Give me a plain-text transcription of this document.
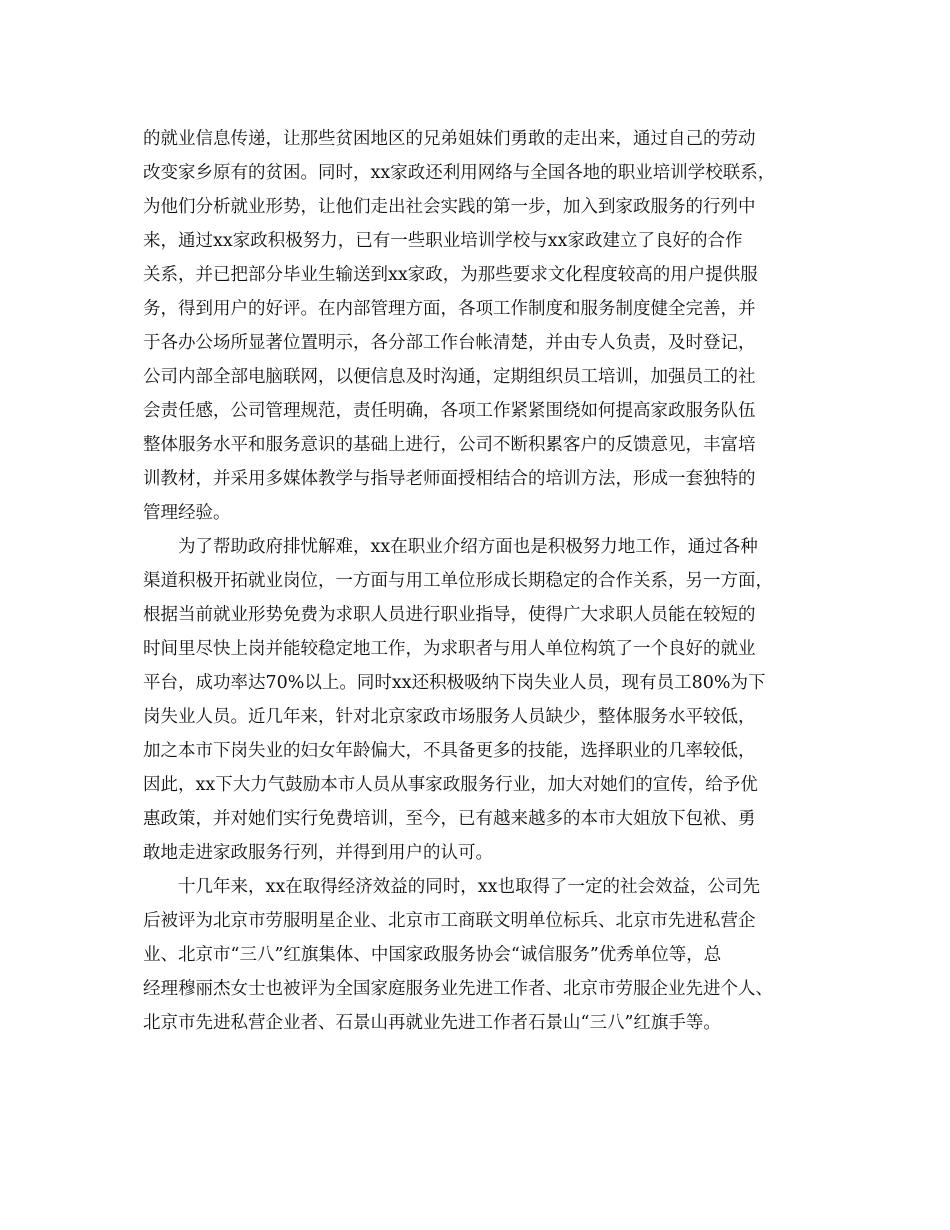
的就业信息传递，让那些贫困地区的兄弟姐妹们勇敢的走出来，通过自己的劳动
改变家乡原有的贫困。同时，xx家政还利用网络与全国各地的职业培训学校联系，
为他们分析就业形势，让他们走出社会实践的第一步，加入到家政服务的行列中
来，通过xx家政积极努力，已有一些职业培训学校与xx家政建立了良好的合作
关系，并已把部分毕业生输送到xx家政，为那些要求文化程度较高的用户提供服
务，得到用户的好评。在内部管理方面，各项工作制度和服务制度健全完善，并
于各办公场所显著位置明示，各分部工作台帐清楚，并由专人负责，及时登记，
公司内部全部电脑联网，以便信息及时沟通，定期组织员工培训，加强员工的社
会责任感，公司管理规范，责任明确，各项工作紧紧围绕如何提高家政服务队伍
整体服务水平和服务意识的基础上进行，公司不断积累客户的反馈意见，丰富培
训教材，并采用多媒体教学与指导老师面授相结合的培训方法，形成一套独特的
管理经验。
为了帮助政府排忧解难，xx在职业介绍方面也是积极努力地工作，通过各种
渠道积极开拓就业岗位，一方面与用工单位形成长期稳定的合作关系，另一方面，
根据当前就业形势免费为求职人员进行职业指导，使得广大求职人员能在较短的
时间里尽快上岗并能较稳定地工作，为求职者与用人单位构筑了一个良好的就业
平台，成功率达70%以上。同时xx还积极吸纳下岗失业人员，现有员工80%为下
岗失业人员。近几年来，针对北京家政市场服务人员缺少，整体服务水平较低，
加之本市下岗失业的妇女年龄偏大，不具备更多的技能，选择职业的几率较低，
因此，xx下大力气鼓励本市人员从事家政服务行业，加大对她们的宣传，给予优
惠政策，并对她们实行免费培训，至今，已有越来越多的本市大姐放下包袱、勇
敢地走进家政服务行列，并得到用户的认可。
十几年来，xx在取得经济效益的同时，xx也取得了一定的社会效益，公司先
后被评为北京市劳服明星企业、北京市工商联文明单位标兵、北京市先进私营企
业、北京市“三八”红旗集体、中国家政服务协会“诚信服务”优秀单位等，总
经理穆丽杰女士也被评为全国家庭服务业先进工作者、北京市劳服企业先进个人、
北京市先进私营企业者、石景山再就业先进工作者石景山“三八”红旗手等。
